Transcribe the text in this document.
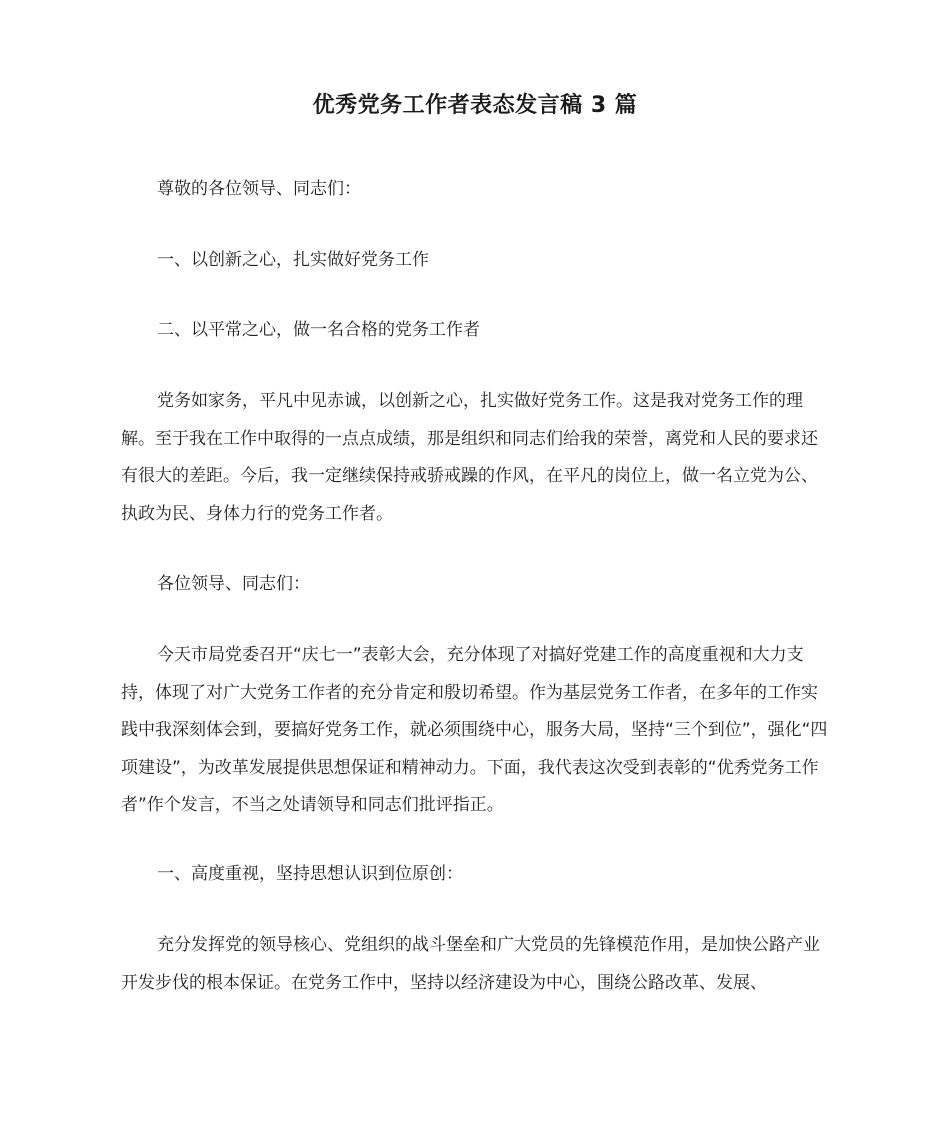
优秀党务工作者表态发言稿 3 篇

尊敬的各位领导、同志们：

一、以创新之心，扎实做好党务工作

二、以平常之心，做一名合格的党务工作者

党务如家务，平凡中见赤诚，以创新之心，扎实做好党务工作。这是我对党务工作的理解。至于我在工作中取得的一点点成绩，那是组织和同志们给我的荣誉，离党和人民的要求还有很大的差距。今后，我一定继续保持戒骄戒躁的作风，在平凡的岗位上，做一名立党为公、执政为民、身体力行的党务工作者。

各位领导、同志们：

今天市局党委召开“庆七一”表彰大会，充分体现了对搞好党建工作的高度重视和大力支持，体现了对广大党务工作者的充分肯定和殷切希望。作为基层党务工作者，在多年的工作实践中我深刻体会到，要搞好党务工作，就必须围绕中心，服务大局，坚持“三个到位”，强化“四项建设”，为改革发展提供思想保证和精神动力。下面，我代表这次受到表彰的“优秀党务工作者”作个发言，不当之处请领导和同志们批评指正。

一、高度重视，坚持思想认识到位原创：

充分发挥党的领导核心、党组织的战斗堡垒和广大党员的先锋模范作用，是加快公路产业开发步伐的根本保证。在党务工作中，坚持以经济建设为中心，围绕公路改革、发展、
